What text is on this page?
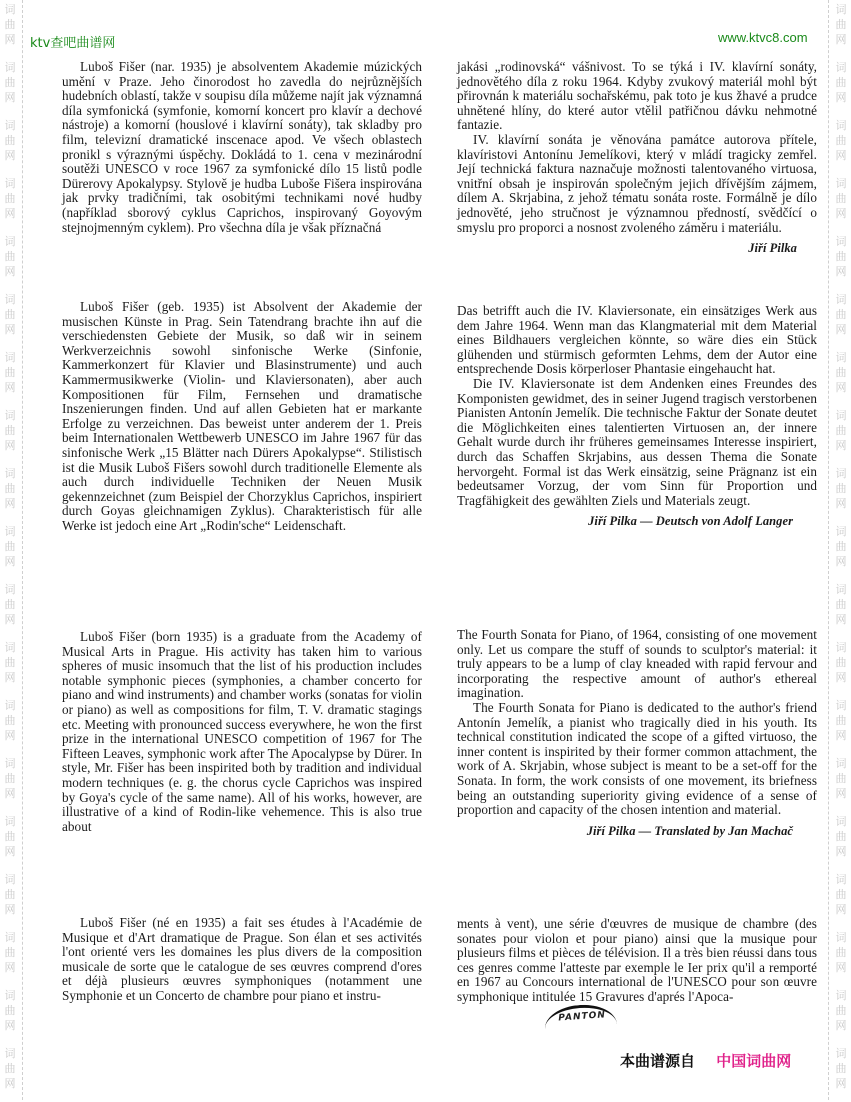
词
曲
网
词
曲
网
词
曲
网
词
曲
网
词
曲
网
词
曲
网
词
曲
网
词
曲
网
词
曲
网
词
曲
网
词
曲
网
词
曲
网
词
曲
网
词
曲
网
词
曲
网
词
曲
网
词
曲
网
词
曲
网
词
曲
网
词
曲
网
词
曲
网
词
曲
网
词
曲
网
词
曲
网
词
曲
网
词
曲
网
词
曲
网
词
曲
网
词
曲
网
词
曲
网
词
曲
网
词
曲
网
词
曲
网
词
曲
网
词
曲
网
词
曲
网
词
曲
网
词
曲
网
ktv查吧曲谱网	www.ktvc8.com

Luboš Fišer (nar. 1935) je absolventem Akademie múzických umění v Praze. Jeho činorodost ho zavedla do nejrůznějších hudebních oblastí, takže v soupisu díla můžeme najít jak významná díla symfonická (symfonie, komorní koncert pro klavír a dechové nástroje) a komorní (houslové i klavírní sonáty), tak skladby pro film, televizní dramatické inscenace apod. Ve všech oblastech pronikl s výraznými úspěchy. Dokládá to 1. cena v mezinárodní soutěži UNESCO v roce 1967 za symfonické dílo 15 listů podle Dürerovy Apokalypsy. Stylově je hudba Luboše Fišera inspirována jak prvky tradičními, tak osobitými technikami nové hudby (například sborový cyklus Caprichos, inspirovaný Goyovým stejnojmenným cyklem). Pro všechna díla je však příznačná

jakási „rodinovská“ vášnivost. To se týká i IV. klavírní sonáty, jednovětého díla z roku 1964. Kdyby zvukový materiál mohl být přirovnán k materiálu sochařskému, pak toto je kus žhavé a prudce uhnětené hlíny, do které autor vtělil patřičnou dávku nehmotné fantazie.

IV. klavírní sonáta je věnována památce autorova přítele, klavíristovi Antonínu Jemelíkovi, který v mládí tragicky zemřel. Její technická faktura naznačuje možnosti talentovaného virtuosa, vnitřní obsah je inspirován společným jejich dřívějším zájmem, dílem A. Skrjabina, z jehož tématu sonáta roste. Formálně je dílo jednověté, jeho stručnost je významnou předností, svědčící o smyslu pro proporci a nosnost zvoleného záměru i materiálu.

Jiří Pilka

Luboš Fišer (geb. 1935) ist Absolvent der Akademie der musischen Künste in Prag. Sein Tatendrang brachte ihn auf die verschiedensten Gebiete der Musik, so daß wir in seinem Werkverzeichnis sowohl sinfonische Werke (Sinfonie, Kammerkonzert für Klavier und Blasinstrumente) und auch Kammermusikwerke (Violin- und Klaviersonaten), aber auch Kompositionen für Film, Fernsehen und dramatische Inszenierungen finden. Und auf allen Gebieten hat er markante Erfolge zu verzeichnen. Das beweist unter anderem der 1. Preis beim Internationalen Wettbewerb UNESCO im Jahre 1967 für das sinfonische Werk „15 Blätter nach Dürers Apokalypse“. Stilistisch ist die Musik Luboš Fišers sowohl durch traditionelle Elemente als auch durch individuelle Techniken der Neuen Musik gekennzeichnet (zum Beispiel der Chorzyklus Caprichos, inspiriert durch Goyas gleichnamigen Zyklus). Charakteristisch für alle Werke ist jedoch eine Art „Rodin'sche“ Leidenschaft.

Das betrifft auch die IV. Klaviersonate, ein einsätziges Werk aus dem Jahre 1964. Wenn man das Klangmaterial mit dem Material eines Bildhauers vergleichen könnte, so wäre dies ein Stück glühenden und stürmisch geformten Lehms, dem der Autor eine entsprechende Dosis körperloser Phantasie eingehaucht hat.

Die IV. Klaviersonate ist dem Andenken eines Freundes des Komponisten gewidmet, des in seiner Jugend tragisch verstorbenen Pianisten Antonín Jemelík. Die technische Faktur der Sonate deutet die Möglichkeiten eines talentierten Virtuosen an, der innere Gehalt wurde durch ihr früheres gemeinsames Interesse inspiriert, durch das Schaffen Skrjabins, aus dessen Thema die Sonate hervorgeht. Formal ist das Werk einsätzig, seine Prägnanz ist ein bedeutsamer Vorzug, der vom Sinn für Proportion und Tragfähigkeit des gewählten Ziels und Materials zeugt.

Jiří Pilka — Deutsch von Adolf Langer

Luboš Fišer (born 1935) is a graduate from the Academy of Musical Arts in Prague. His activity has taken him to various spheres of music insomuch that the list of his production includes notable symphonic pieces (symphonies, a chamber concerto for piano and wind instruments) and chamber works (sonatas for violin or piano) as well as compositions for film, T. V. dramatic stagings etc. Meeting with pronounced success everywhere, he won the first prize in the international UNESCO competition of 1967 for The Fifteen Leaves, symphonic work after The Apocalypse by Dürer. In style, Mr. Fišer has been inspirited both by tradition and individual modern techniques (e. g. the chorus cycle Caprichos was inspired by Goya's cycle of the same name). All of his works, however, are illustrative of a kind of Rodin-like vehemence. This is also true about

The Fourth Sonata for Piano, of 1964, consisting of one movement only. Let us compare the stuff of sounds to sculptor's material: it truly appears to be a lump of clay kneaded with rapid fervour and incorporating the respective amount of author's ethereal imagination.

The Fourth Sonata for Piano is dedicated to the author's friend Antonín Jemelík, a pianist who tragically died in his youth. Its technical constitution indicated the scope of a gifted virtuoso, the inner content is inspirited by their former common attachment, the work of A. Skrjabin, whose subject is meant to be a set-off for the Sonata. In form, the work consists of one movement, its briefness being an outstanding superiority giving evidence of a sense of proportion and capacity of the chosen intention and material.

Jiří Pilka — Translated by Jan Machač

Luboš Fišer (né en 1935) a fait ses études à l'Académie de Musique et d'Art dramatique de Prague. Son élan et ses activités l'ont orienté vers les domaines les plus divers de la composition musicale de sorte que le catalogue de ses œuvres comprend d'ores et déjà plusieurs œuvres symphoniques (notamment une Symphonie et un Concerto de chambre pour piano et instru-

ments à vent), une série d'œuvres de musique de chambre (des sonates pour violon et pour piano) ainsi que la musique pour plusieurs films et pièces de télévision. Il a très bien réussi dans tous ces genres comme l'atteste par exemple le Ier prix qu'il a remporté en 1967 au Concours international de l'UNESCO pour son œuvre symphonique intitulée 15 Gravures d'aprés l'Apoca-

PANTON
本曲谱源自 中国词曲网
